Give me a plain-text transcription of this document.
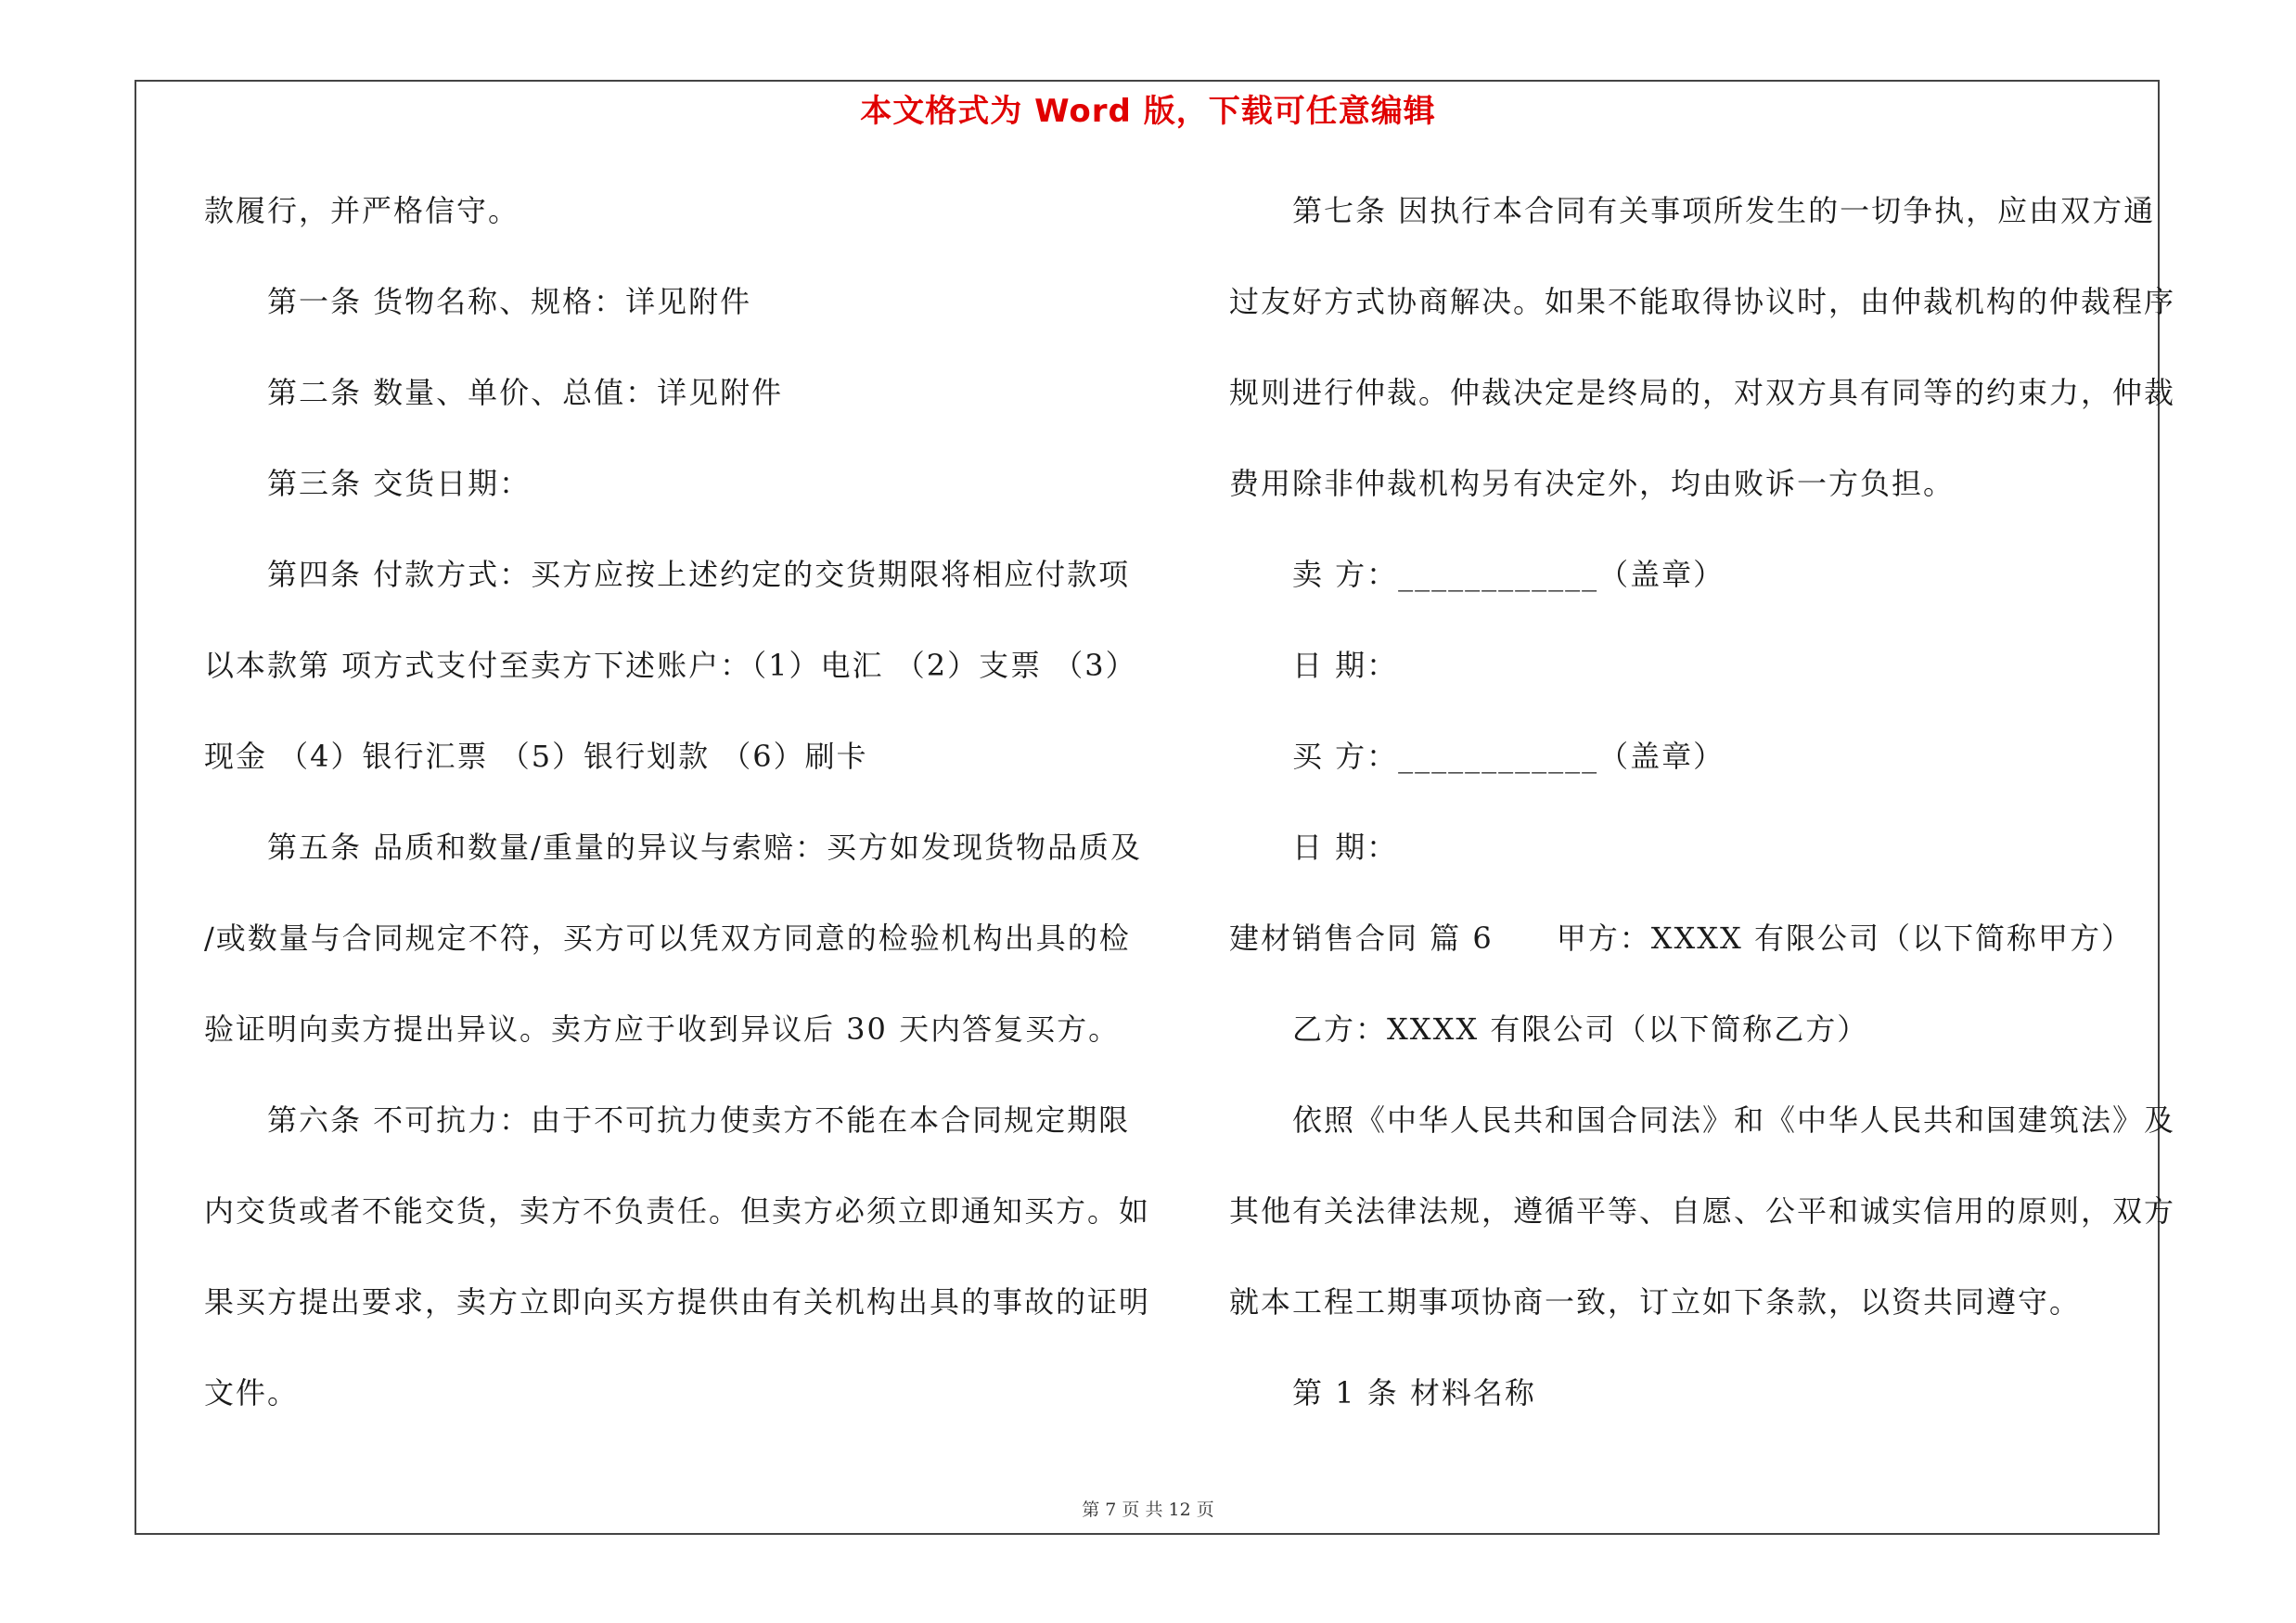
本文格式为 Word 版，下载可任意编辑
款履行，并严格信守。
第一条 货物名称、规格：详见附件
第二条 数量、单价、总值：详见附件
第三条 交货日期：
第四条 付款方式：买方应按上述约定的交货期限将相应付款项
以本款第 项方式支付至卖方下述账户：（1）电汇 （2）支票 （3）
现金 （4）银行汇票 （5）银行划款 （6）刷卡
第五条 品质和数量/重量的异议与索赔：买方如发现货物品质及
/或数量与合同规定不符，买方可以凭双方同意的检验机构出具的检
验证明向卖方提出异议。卖方应于收到异议后 30 天内答复买方。
第六条 不可抗力：由于不可抗力使卖方不能在本合同规定期限
内交货或者不能交货，卖方不负责任。但卖方必须立即通知买方。如
果买方提出要求，卖方立即向买方提供由有关机构出具的事故的证明
文件。
第七条 因执行本合同有关事项所发生的一切争执，应由双方通
过友好方式协商解决。如果不能取得协议时，由仲裁机构的仲裁程序
规则进行仲裁。仲裁决定是终局的，对双方具有同等的约束力，仲裁
费用除非仲裁机构另有决定外，均由败诉一方负担。
卖 方：____________（盖章）
日 期：
买 方：____________（盖章）
日 期：
建材销售合同 篇 6　　甲方：XXXX 有限公司（以下简称甲方）
乙方：XXXX 有限公司（以下简称乙方）
依照《中华人民共和国合同法》和《中华人民共和国建筑法》及
其他有关法律法规，遵循平等、自愿、公平和诚实信用的原则，双方
就本工程工期事项协商一致，订立如下条款，以资共同遵守。
第 1 条 材料名称
第 7 页 共 12 页
